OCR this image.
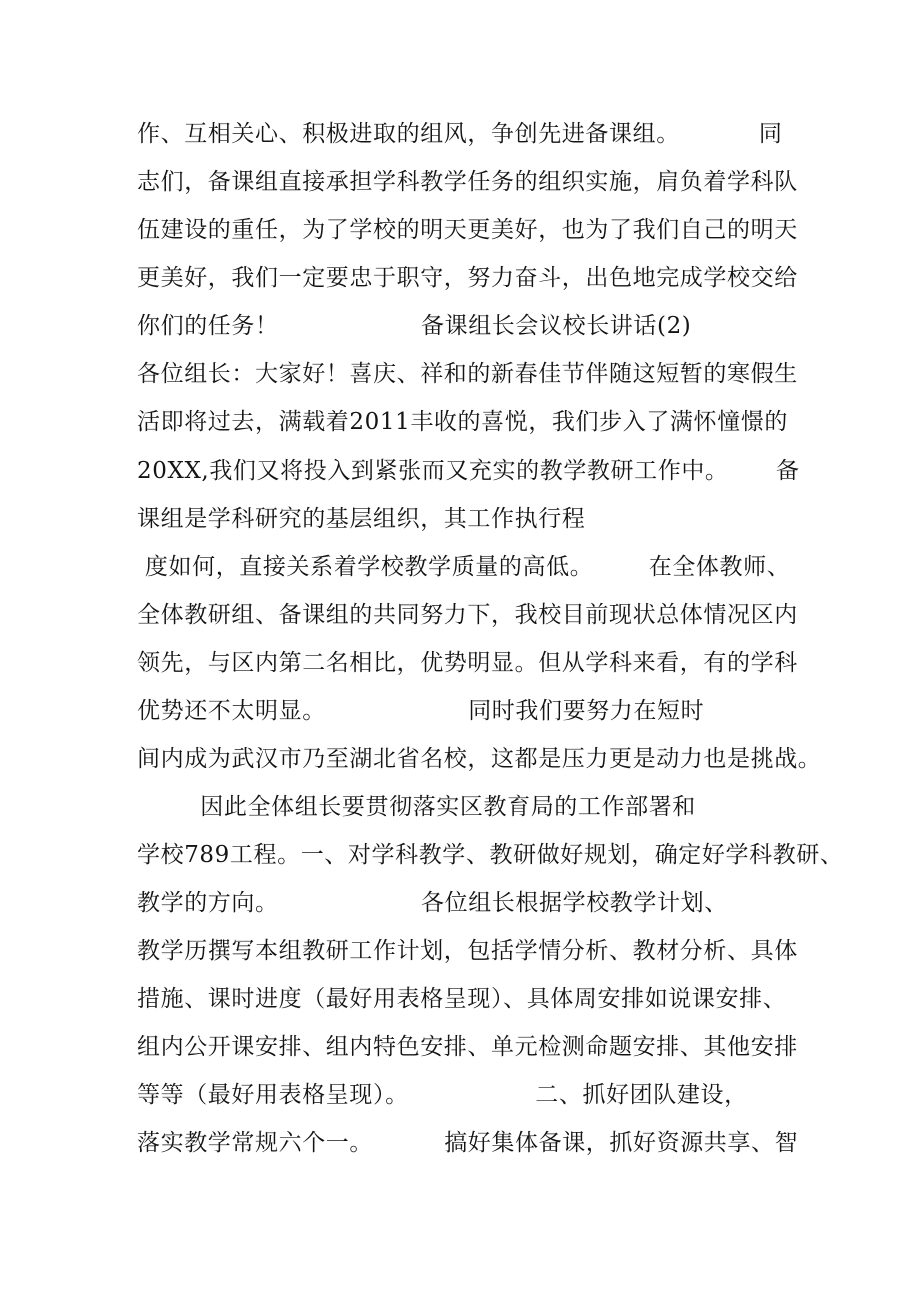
作、互相关心、积极进取的组风，争创先进备课组。          同
志们，备课组直接承担学科教学任务的组织实施，肩负着学科队
伍建设的重任，为了学校的明天更美好，也为了我们自己的明天
更美好，我们一定要忠于职守，努力奋斗，出色地完成学校交给
你们的任务！                  备课组长会议校长讲话(2)
各位组长：大家好！喜庆、祥和的新春佳节伴随这短暂的寒假生
活即将过去，满载着2011丰收的喜悦，我们步入了满怀憧憬的
20XX,我们又将投入到紧张而又充实的教学教研工作中。      备
课组是学科研究的基层组织，其工作执行程
度如何，直接关系着学校教学质量的高低。       在全体教师、
全体教研组、备课组的共同努力下，我校目前现状总体情况区内
领先，与区内第二名相比，优势明显。但从学科来看，有的学科
优势还不太明显。                  同时我们要努力在短时
间内成为武汉市乃至湖北省名校，这都是压力更是动力也是挑战。
因此全体组长要贯彻落实区教育局的工作部署和
学校789工程。一、对学科教学、教研做好规划，确定好学科教研、
教学的方向。                  各位组长根据学校教学计划、
教学历撰写本组教研工作计划，包括学情分析、教材分析、具体
措施、课时进度（最好用表格呈现）、具体周安排如说课安排、
组内公开课安排、组内特色安排、单元检测命题安排、其他安排
等等（最好用表格呈现）。                二、抓好团队建设，
落实教学常规六个一。         搞好集体备课，抓好资源共享、智
